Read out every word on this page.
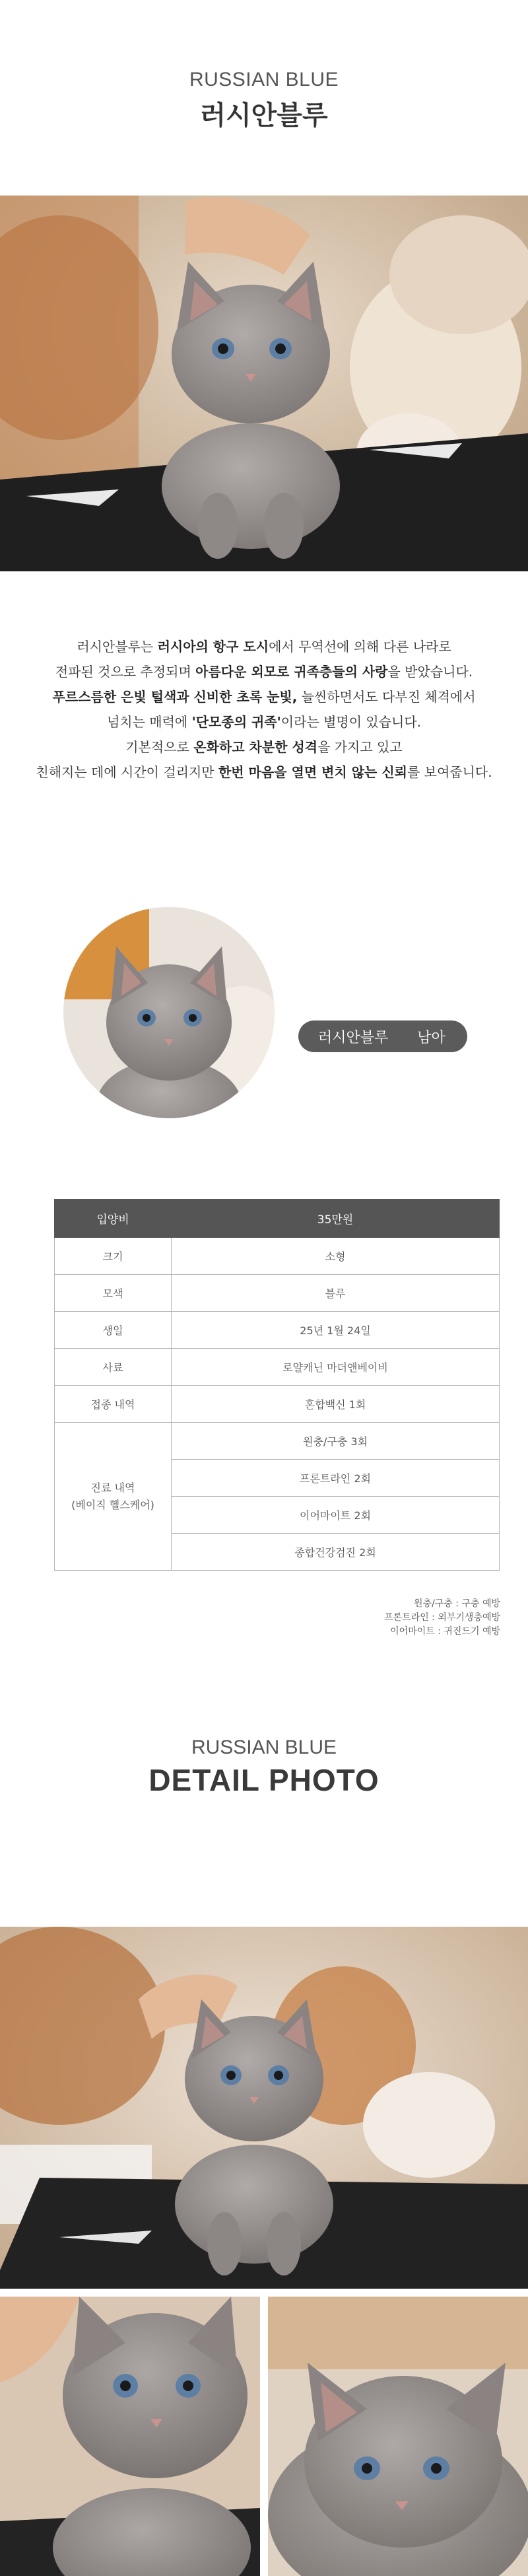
RUSSIAN BLUE
러시안블루
러시안블루는 러시아의 항구 도시에서 무역선에 의해 다른 나라로
전파된 것으로 추정되며 아름다운 외모로 귀족층들의 사랑을 받았습니다.
푸르스름한 은빛 털색과 신비한 초록 눈빛, 늘씬하면서도 다부진 체격에서
넘치는 매력에 '단모종의 귀족'이라는 별명이 있습니다.
기본적으로 온화하고 차분한 성격을 가지고 있고
친해지는 데에 시간이 걸리지만 한번 마음을 열면 변치 않는 신뢰를 보여줍니다.
러시안블루 남아
입양비	35만원
크기	소형
모색	블루
생일	25년 1월 24일
사료	로얄캐닌 마더앤베이비
접종 내역	혼합백신 1회

진료 내역
(베이직 헬스케어)	원충/구충 3회
	프론트라인 2회
	이어마이트 2회
	종합건강검진 2회
원충/구충 : 구충 예방
프론트라인 : 외부기생충예방
이어마이트 : 귀진드기 예방
RUSSIAN BLUE
DETAIL PHOTO
